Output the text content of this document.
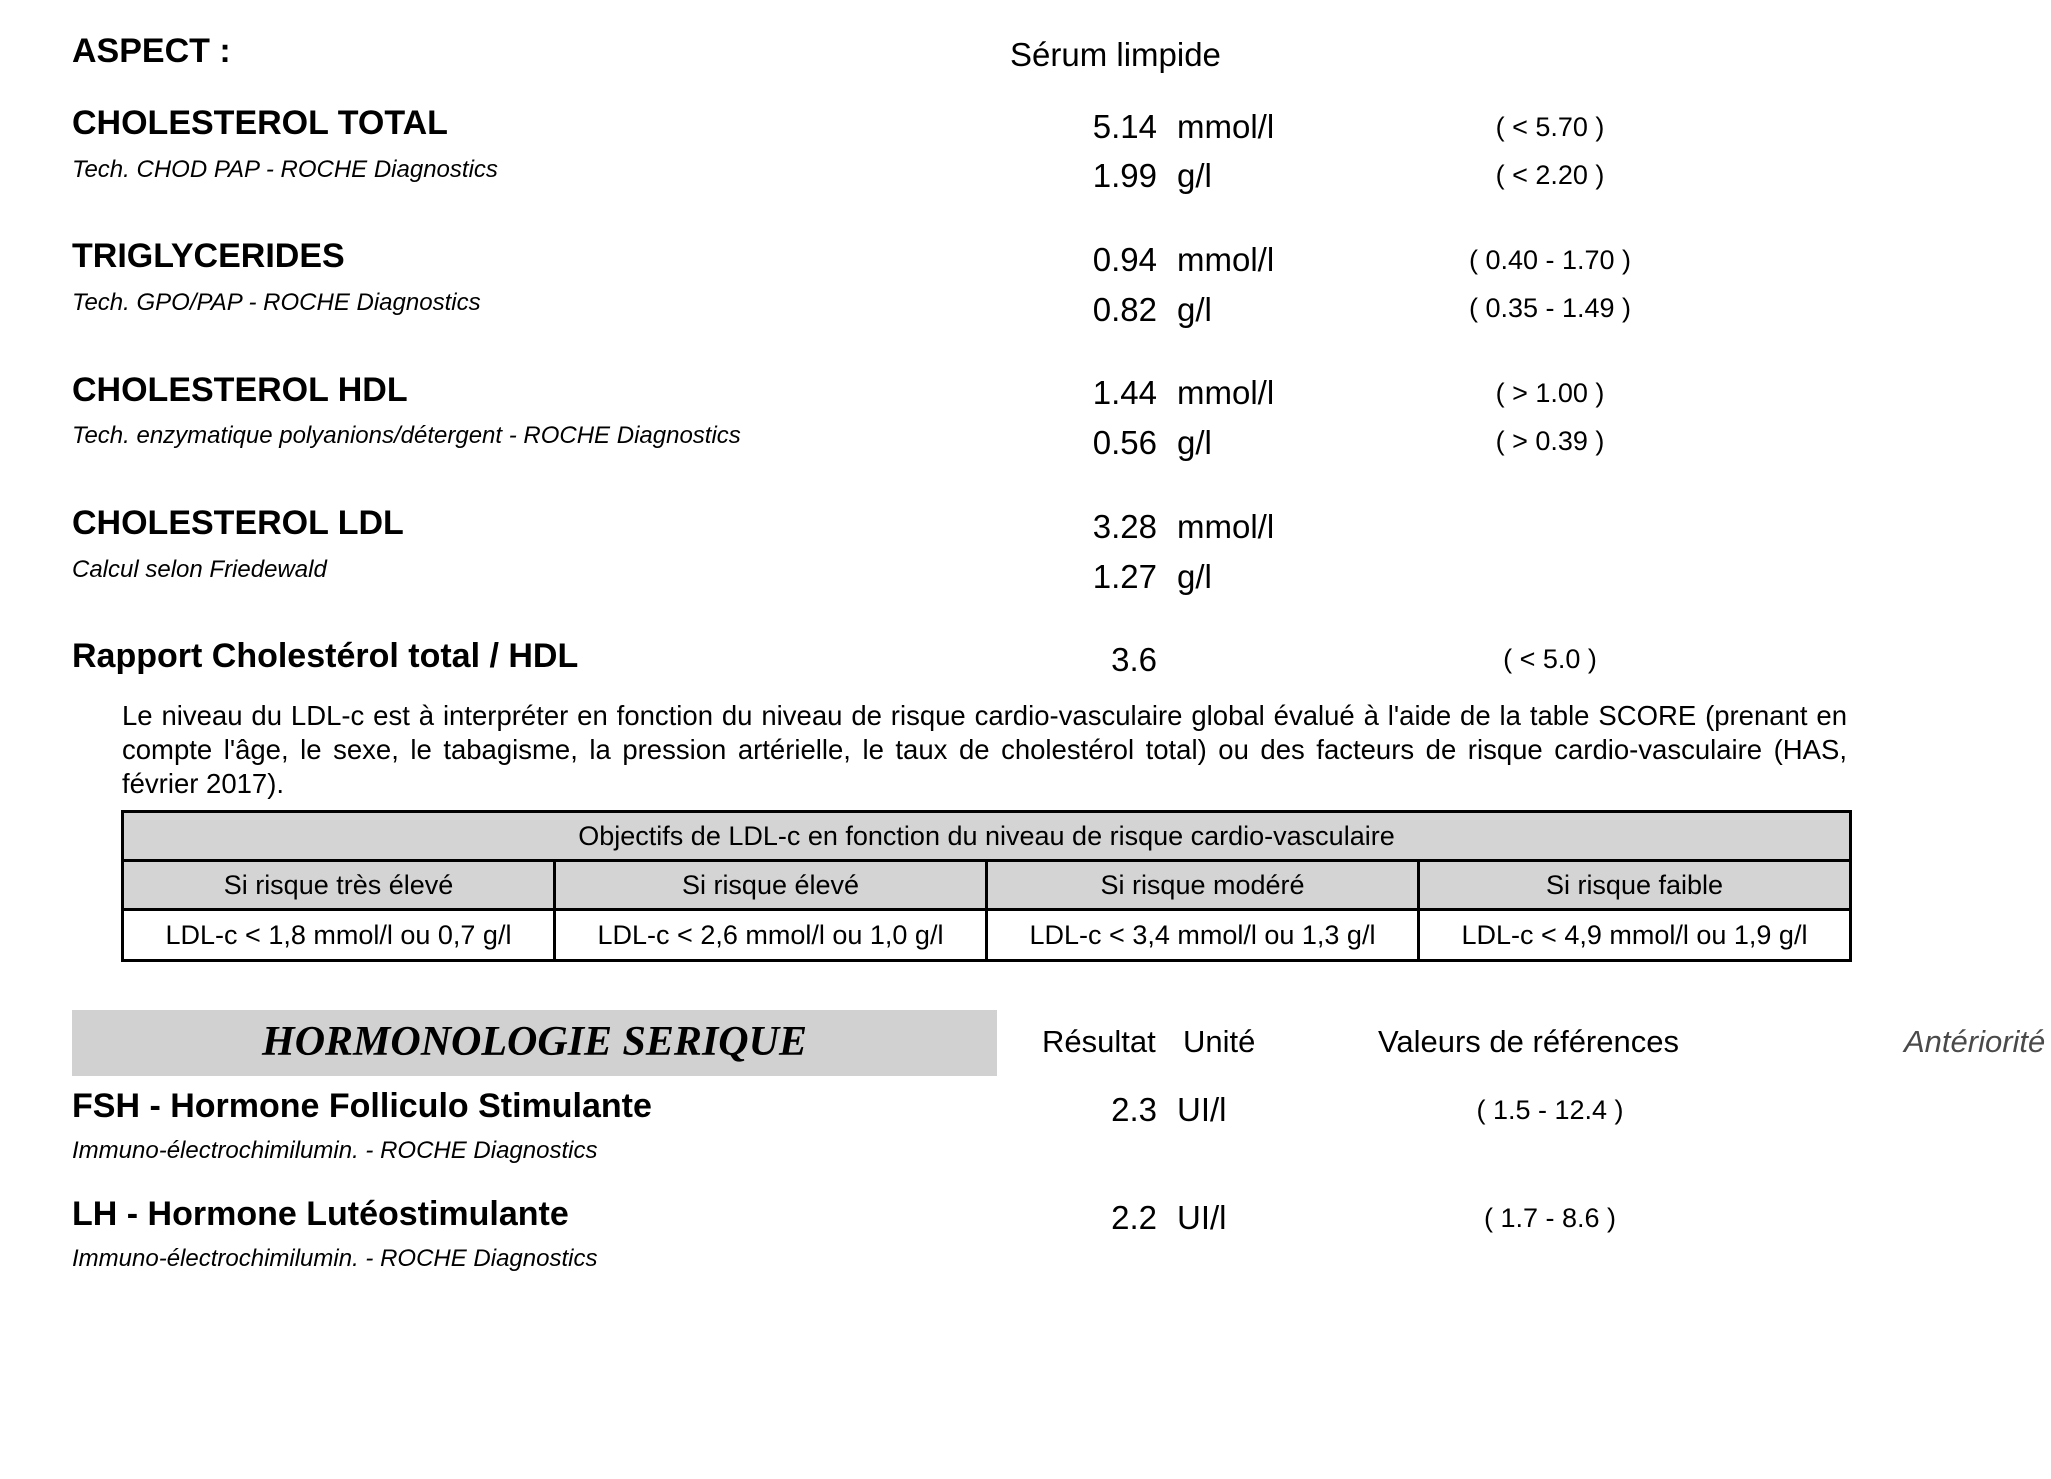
ASPECT :	Sérum limpide
CHOLESTEROL TOTAL
Tech. CHOD PAP - ROCHE Diagnostics
5.14 mmol/l	( < 5.70 )
1.99 g/l	( < 2.20 )
TRIGLYCERIDES
Tech. GPO/PAP - ROCHE Diagnostics
0.94 mmol/l	( 0.40 - 1.70 )
0.82 g/l	( 0.35 - 1.49 )
CHOLESTEROL HDL
Tech. enzymatique polyanions/détergent - ROCHE Diagnostics
1.44 mmol/l	( > 1.00 )
0.56 g/l	( > 0.39 )
CHOLESTEROL LDL
Calcul selon Friedewald
3.28 mmol/l
1.27 g/l
Rapport Cholestérol total / HDL	3.6	( < 5.0 )
Le niveau du LDL-c est à interpréter en fonction du niveau de risque cardio-vasculaire global évalué à l'aide de la table SCORE (prenant en compte l'âge, le sexe, le tabagisme, la pression artérielle, le taux de cholestérol total) ou des facteurs de risque cardio-vasculaire (HAS, février 2017).
Objectifs de LDL-c en fonction du niveau de risque cardio-vasculaire			
Si risque très élevé	Si risque élevé	Si risque modéré	Si risque faible
LDL-c < 1,8 mmol/l ou 0,7 g/l	LDL-c < 2,6 mmol/l ou 1,0 g/l	LDL-c < 3,4 mmol/l ou 1,3 g/l	LDL-c < 4,9 mmol/l ou 1,9 g/l
HORMONOLOGIE SERIQUE	Résultat Unité	Valeurs de références	Antériorité
FSH - Hormone Folliculo Stimulante
Immuno-électrochimilumin. - ROCHE Diagnostics
2.3 UI/l	( 1.5 - 12.4 )
LH - Hormone Lutéostimulante
Immuno-électrochimilumin. - ROCHE Diagnostics
2.2 UI/l	( 1.7 - 8.6 )
